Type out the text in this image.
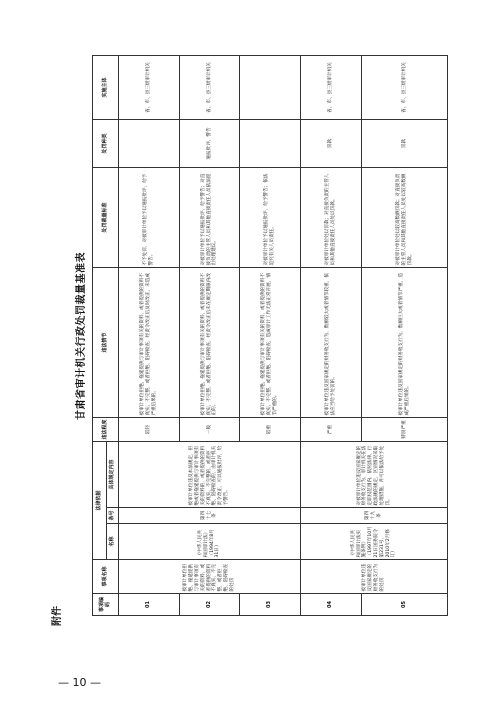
附件
— 10 —
甘肃省审计机关行政处罚裁量基准表
事项编码	事项名称	法律依据			违法程度	违法情节	处罚裁量标准	处罚种类	实施主体
		名称	条号	具体规定内容					
01	被审计单位拒绝、拖延提供与审计事项有关的资料，或者提供的资料不真实、不完整，或者拒绝、阻碍检查的处罚	《中华人民共和国审计法》（1994年8月31日）	第四十七条	被审计单位违反本法规定，拒绝或者拖延提供与审计事项有关的资料的，或者提供的资料不真实、不完整的，或者拒绝、阻碍检查的，由审计机关责令改正，可以通报批评，给予警告。	较轻	被审计单位拒绝、拖延提供与审计事项有关的资料，或者提供的资料不真实、不完整，或者拒绝、阻碍检查，经责令改正后及时改正，未造成严重后果的。	不予处罚，对被审计单位予以通报批评，给予警告。		省、市、县三级审计机关
02					一般	被审计单位拒绝、拖延提供与审计事项有关的资料，或者提供的资料不真实、不完整，或者拒绝、阻碍检查，经责令改正后未在规定期限内改正的。	对被审计单位予以通报批评，给予警告；对直接负责的主管人员和其他直接责任人员依法提出处理建议。	通报批评、警告	省、市、县三级审计机关
03					较重	被审计单位拒绝、拖延提供与审计事项有关的资料，或者提供的资料不真实、不完整，或者拒绝、阻碍检查，造成审计工作无法正常开展，情节严重的。	对被审计单位予以通报批评，给予警告；依法追究有关人员责任。		
04	被审计单位违反国家规定的财务收支行为的处罚	《中华人民共和国审计法实施条例》（1997年10月21日国务院令第231号，2010年2月修订）	第四十九条	对被审计单位违反国家规定的财务收支行为，审计机关在法定职权范围内，依照法律、行政法规的规定，区别情况采取处理措施，并可以依法给予处罚。	严重	被审计单位违反国家规定的财务收支行为，数额较大或者情节较重，依法应当给予处罚的。	对被审计单位处以罚款；对直接负责的主管人员和其他直接责任人员处以罚款。	罚款	省、市、县三级审计机关
05					特别严重	被审计单位违反国家规定的财务收支行为，数额巨大或者情节严重，造成严重后果的。	对被审计单位处以较高数额罚款；对直接负责的主管人员和其他直接责任人员处以较高数额罚款。	罚款	省、市、县三级审计机关
